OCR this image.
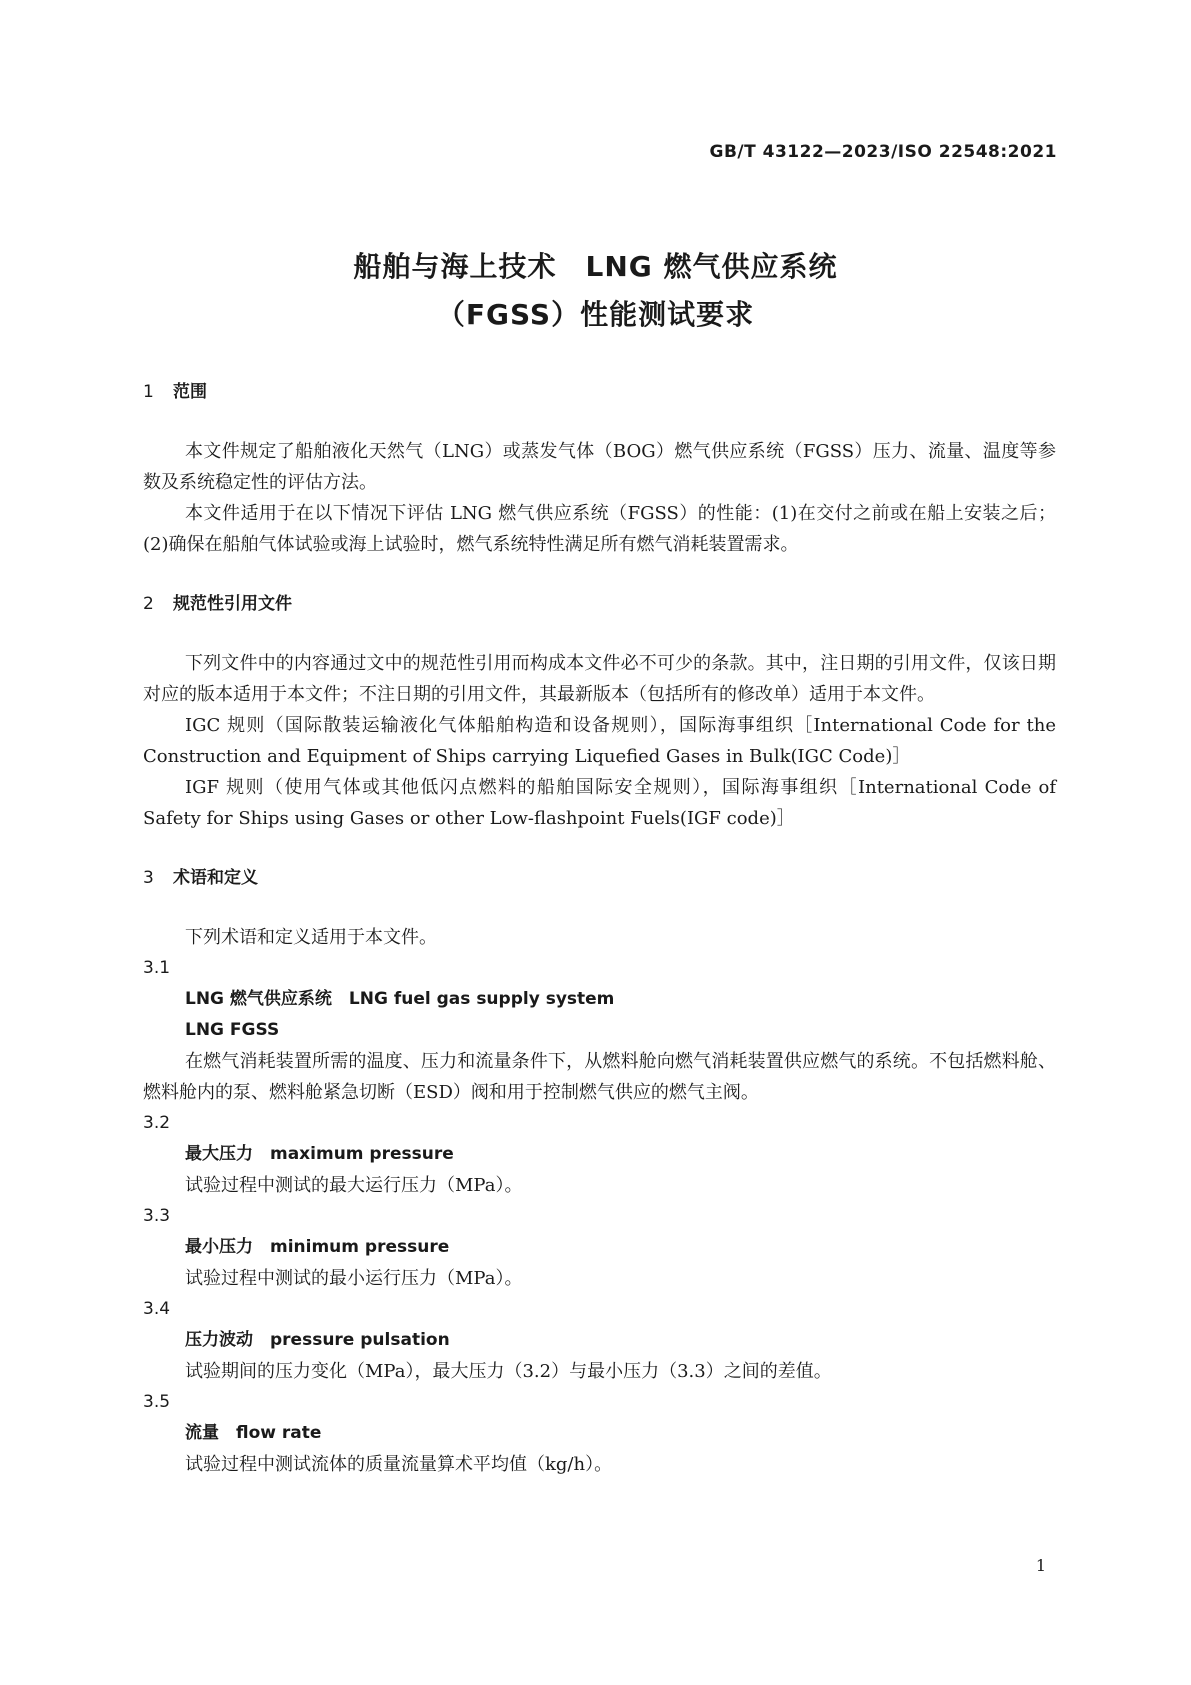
GB/T 43122—2023/ISO 22548:2021
船舶与海上技术　LNG 燃气供应系统
（FGSS）性能测试要求
1 范围

本文件规定了船舶液化天然气（LNG）或蒸发气体（BOG）燃气供应系统（FGSS）压力、流量、温度等参数及系统稳定性的评估方法。

本文件适用于在以下情况下评估 LNG 燃气供应系统（FGSS）的性能：(1)在交付之前或在船上安装之后；(2)确保在船舶气体试验或海上试验时，燃气系统特性满足所有燃气消耗装置需求。

2 规范性引用文件

下列文件中的内容通过文中的规范性引用而构成本文件必不可少的条款。其中，注日期的引用文件，仅该日期对应的版本适用于本文件；不注日期的引用文件，其最新版本（包括所有的修改单）适用于本文件。

IGC 规则（国际散装运输液化气体船舶构造和设备规则），国际海事组织［International Code for the Construction and Equipment of Ships carrying Liquefied Gases in Bulk(IGC Code)］

IGF 规则（使用气体或其他低闪点燃料的船舶国际安全规则），国际海事组织［International Code of Safety for Ships using Gases or other Low-flashpoint Fuels(IGF code)］

3 术语和定义

下列术语和定义适用于本文件。

3.1

LNG 燃气供应系统　LNG fuel gas supply system

LNG FGSS

在燃气消耗装置所需的温度、压力和流量条件下，从燃料舱向燃气消耗装置供应燃气的系统。不包括燃料舱、燃料舱内的泵、燃料舱紧急切断（ESD）阀和用于控制燃气供应的燃气主阀。

3.2

最大压力　maximum pressure

试验过程中测试的最大运行压力（MPa）。

3.3

最小压力　minimum pressure

试验过程中测试的最小运行压力（MPa）。

3.4

压力波动　pressure pulsation

试验期间的压力变化（MPa），最大压力（3.2）与最小压力（3.3）之间的差值。

3.5

流量　flow rate

试验过程中测试流体的质量流量算术平均值（kg/h）。

1
